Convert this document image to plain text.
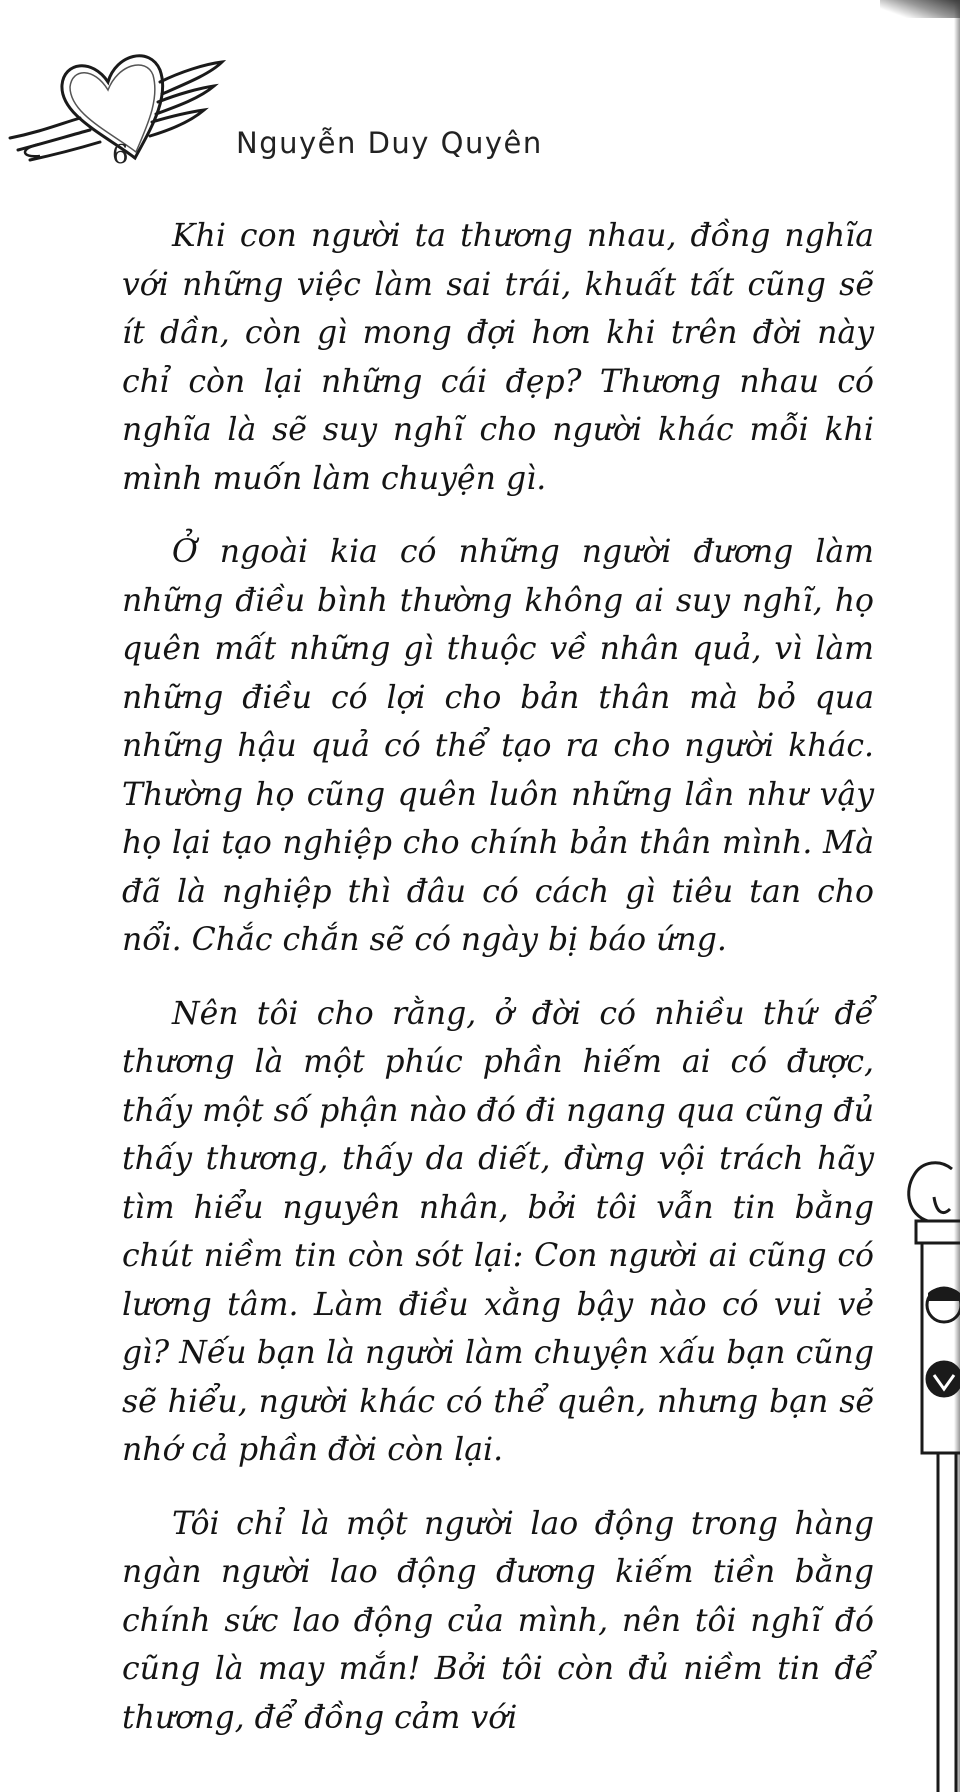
6	Nguyễn Duy Quyên

Khi con người ta thương nhau, đồng nghĩa với những việc làm sai trái, khuất tất cũng sẽ ít dần, còn gì mong đợi hơn khi trên đời này chỉ còn lại những cái đẹp? Thương nhau có nghĩa là sẽ suy nghĩ cho người khác mỗi khi mình muốn làm chuyện gì.

Ở ngoài kia có những người đương làm những điều bình thường không ai suy nghĩ, họ quên mất những gì thuộc về nhân quả, vì làm những điều có lợi cho bản thân mà bỏ qua những hậu quả có thể tạo ra cho người khác. Thường họ cũng quên luôn những lần như vậy họ lại tạo nghiệp cho chính bản thân mình. Mà đã là nghiệp thì đâu có cách gì tiêu tan cho nổi. Chắc chắn sẽ có ngày bị báo ứng.

Nên tôi cho rằng, ở đời có nhiều thứ để thương là một phúc phần hiếm ai có được, thấy một số phận nào đó đi ngang qua cũng đủ thấy thương, thấy da diết, đừng vội trách hãy tìm hiểu nguyên nhân, bởi tôi vẫn tin bằng chút niềm tin còn sót lại: Con người ai cũng có lương tâm. Làm điều xằng bậy nào có vui vẻ gì? Nếu bạn là người làm chuyện xấu bạn cũng sẽ hiểu, người khác có thể quên, nhưng bạn sẽ nhớ cả phần đời còn lại.

Tôi chỉ là một người lao động trong hàng ngàn người lao động đương kiếm tiền bằng chính sức lao động của mình, nên tôi nghĩ đó cũng là may mắn! Bởi tôi còn đủ niềm tin để thương, để đồng cảm với
